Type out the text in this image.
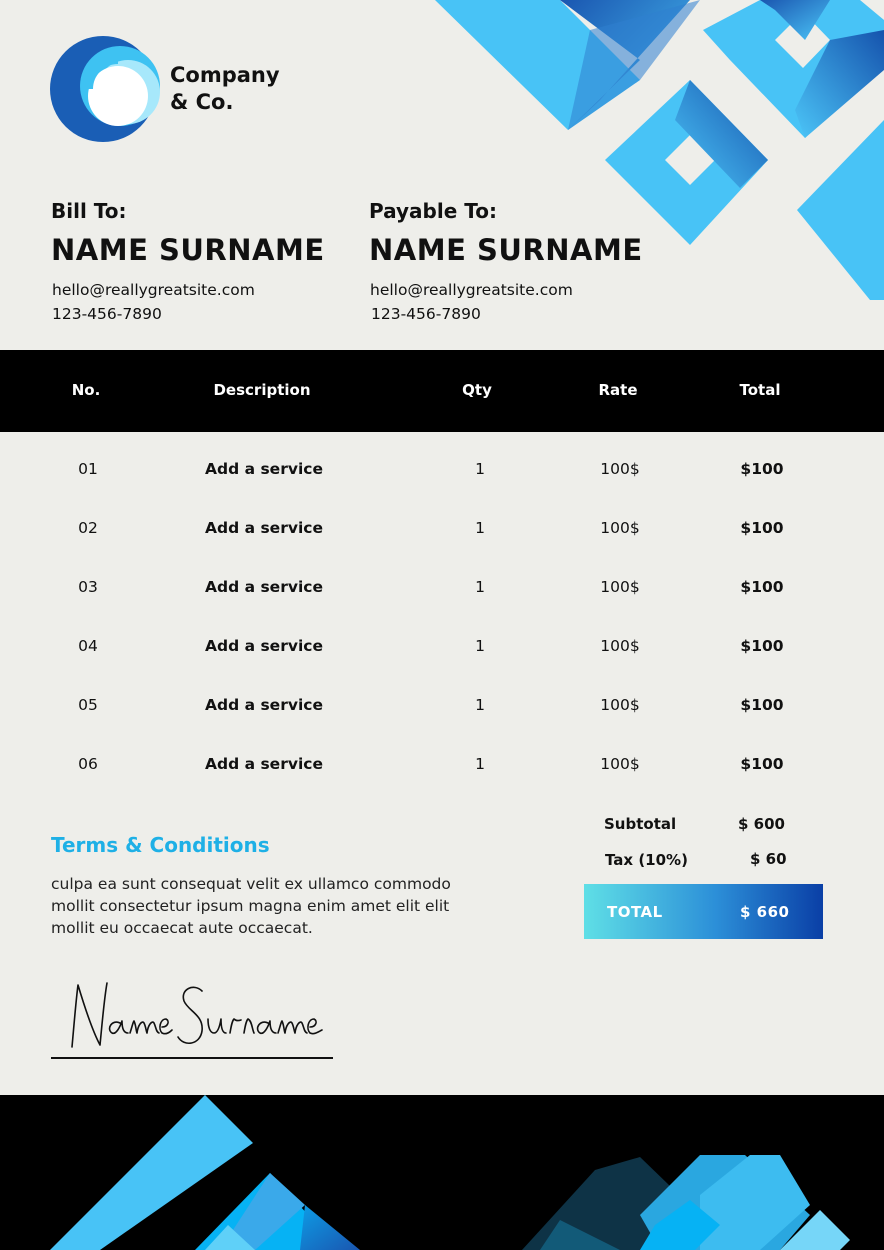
Company
& Co.
Bill To:
NAME SURNAME
hello@reallygreatsite.com
123-456-7890
Payable To:
NAME SURNAME
hello@reallygreatsite.com
123-456-7890
No.	Description	Qty	Rate	Total
01	Add a service	1	100$	$100
02	Add a service	1	100$	$100
03	Add a service	1	100$	$100
04	Add a service	1	100$	$100
05	Add a service	1	100$	$100
06	Add a service	1	100$	$100
Terms & Conditions
culpa ea sunt consequat velit ex ullamco commodo mollit consectetur ipsum magna enim amet elit elit mollit eu occaecat aute occaecat.
Subtotal	$ 600
Tax (10%)	$ 60
TOTAL	$ 660
